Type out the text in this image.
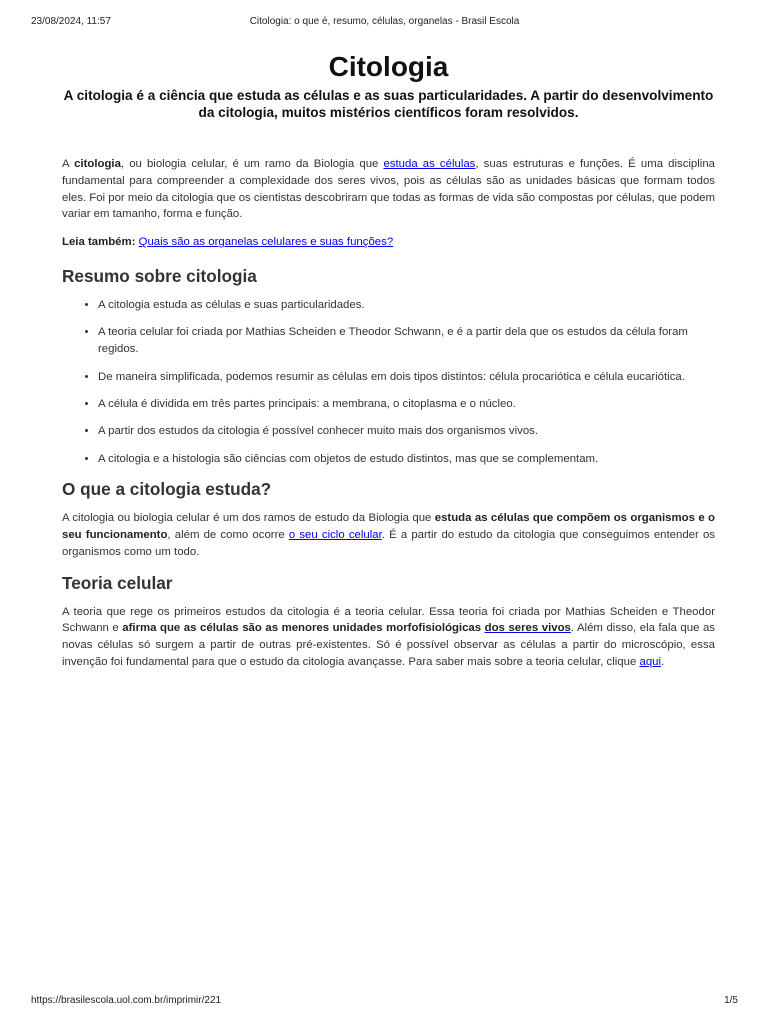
23/08/2024, 11:57	Citologia: o que é, resumo, células, organelas - Brasil Escola
Citologia
A citologia é a ciência que estuda as células e as suas particularidades. A partir do desenvolvimento da citologia, muitos mistérios científicos foram resolvidos.

A citologia, ou biologia celular, é um ramo da Biologia que estuda as células, suas estruturas e funções. É uma disciplina fundamental para compreender a complexidade dos seres vivos, pois as células são as unidades básicas que formam todos eles. Foi por meio da citologia que os cientistas descobriram que todas as formas de vida são compostas por células, que podem variar em tamanho, forma e função.

Leia também: Quais são as organelas celulares e suas funções?

Resumo sobre citologia
• A citologia estuda as células e suas particularidades.
• A teoria celular foi criada por Mathias Scheiden e Theodor Schwann, e é a partir dela que os estudos da célula foram regidos.
• De maneira simplificada, podemos resumir as células em dois tipos distintos: célula procariótica e célula eucariótica.
• A célula é dividida em três partes principais: a membrana, o citoplasma e o núcleo.
• A partir dos estudos da citologia é possível conhecer muito mais dos organismos vivos.
• A citologia e a histologia são ciências com objetos de estudo distintos, mas que se complementam.
O que a citologia estuda?

A citologia ou biologia celular é um dos ramos de estudo da Biologia que estuda as células que compõem os organismos e o seu funcionamento, além de como ocorre o seu ciclo celular. É a partir do estudo da citologia que conseguimos entender os organismos como um todo.

Teoria celular

A teoria que rege os primeiros estudos da citologia é a teoria celular. Essa teoria foi criada por Mathias Scheiden e Theodor Schwann e afirma que as células são as menores unidades morfofisiológicas dos seres vivos. Além disso, ela fala que as novas células só surgem a partir de outras pré-existentes. Só é possível observar as células a partir do microscópio, essa invenção foi fundamental para que o estudo da citologia avançasse. Para saber mais sobre a teoria celular, clique aqui.

https://brasilescola.uol.com.br/imprimir/221	1/5
